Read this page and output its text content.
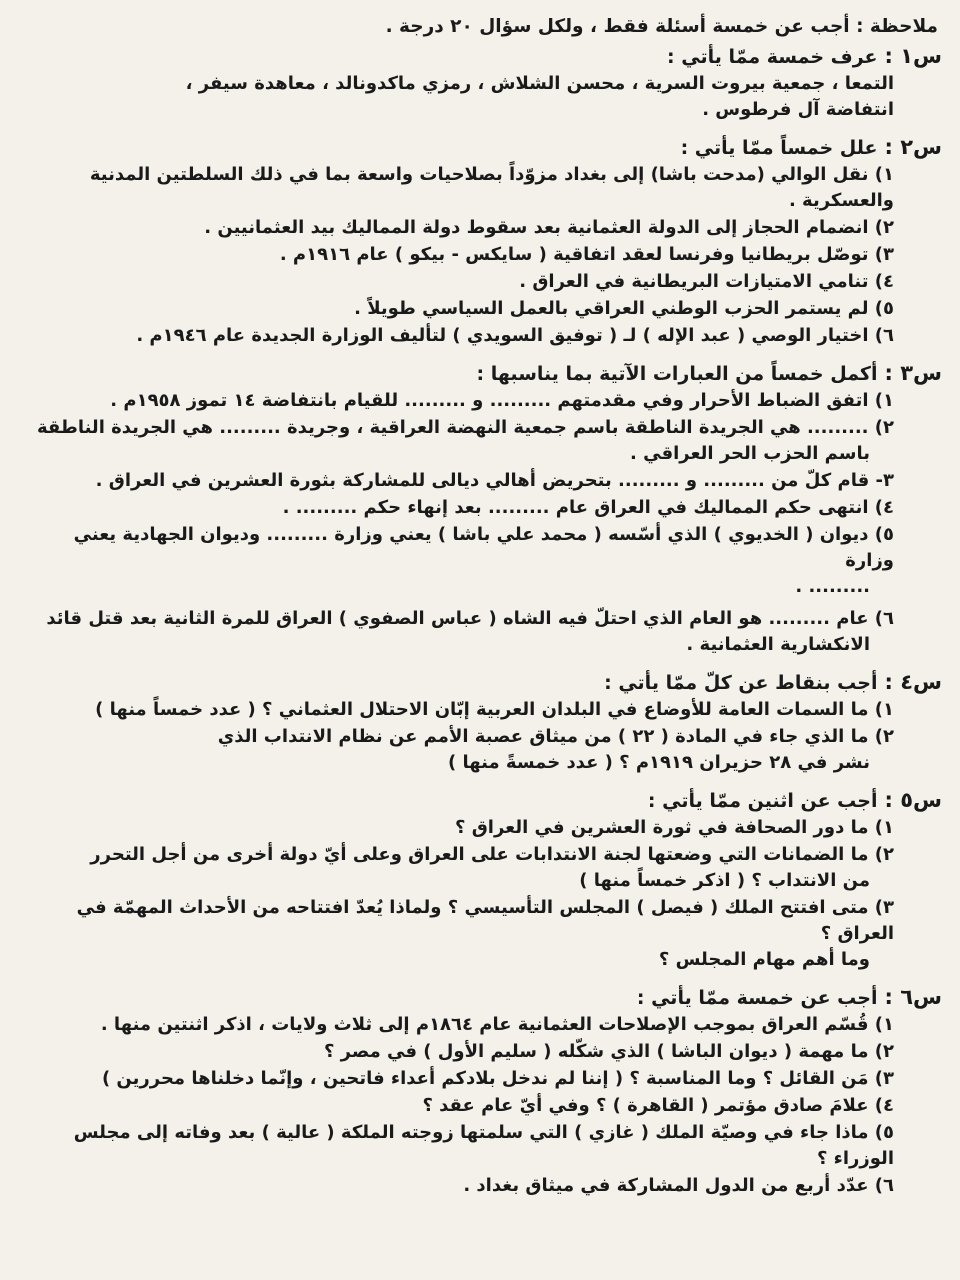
ملاحظة : أجب عن خمسة أسئلة فقط ، ولكل سؤال ٢٠ درجة .

س١ : عرف خمسة ممّا يأتي :

التمعا ، جمعية بيروت السرية ، محسن الشلاش ، رمزي ماكدونالد ، معاهدة سيفر ،
انتفاضة آل فرطوس .

س٢ : علل خمساً ممّا يأتي :

١) نقل الوالي (مدحت باشا) إلى بغداد مزوّداً بصلاحيات واسعة بما في ذلك السلطتين المدنية والعسكرية .
٢) انضمام الحجاز إلى الدولة العثمانية بعد سقوط دولة المماليك بيد العثمانيين .
٣) توصّل بريطانيا وفرنسا لعقد اتفاقية ( سايكس - بيكو ) عام ١٩١٦م .
٤) تنامي الامتيازات البريطانية في العراق .
٥) لم يستمر الحزب الوطني العراقي بالعمل السياسي طويلاً .
٦) اختيار الوصي ( عبد الإله ) لـ ( توفيق السويدي ) لتأليف الوزارة الجديدة عام ١٩٤٦م .

س٣ : أكمل خمساً من العبارات الآتية بما يناسبها :

١) اتفق الضباط الأحرار وفي مقدمتهم ......... و ......... للقيام بانتفاضة ١٤ تموز ١٩٥٨م .
٢) ......... هي الجريدة الناطقة باسم جمعية النهضة العراقية ، وجريدة ......... هي الجريدة الناطقة
باسم الحزب الحر العراقي .
٣- قام كلّ من ......... و ......... بتحريض أهالي ديالى للمشاركة بثورة العشرين في العراق .
٤) انتهى حكم المماليك في العراق عام ......... بعد إنهاء حكم ......... .
٥) ديوان ( الخديوي ) الذي أسّسه ( محمد علي باشا ) يعني وزارة ......... وديوان الجهادية يعني وزارة
......... .
٦) عام ......... هو العام الذي احتلّ فيه الشاه ( عباس الصفوي ) العراق للمرة الثانية بعد قتل قائد
الانكشارية العثمانية .

س٤ : أجب بنقاط عن كلّ ممّا يأتي :

١) ما السمات العامة للأوضاع في البلدان العربية إبّان الاحتلال العثماني ؟ ( عدد خمساً منها )
٢) ما الذي جاء في المادة ( ٢٢ ) من ميثاق عصبة الأمم عن نظام الانتداب الذي
نشر في ٢٨ حزيران ١٩١٩م ؟ ( عدد خمسةً منها )

س٥ : أجب عن اثنين ممّا يأتي :

١) ما دور الصحافة في ثورة العشرين في العراق ؟
٢) ما الضمانات التي وضعتها لجنة الانتدابات على العراق وعلى أيّ دولة أخرى من أجل التحرر
من الانتداب ؟ ( اذكر خمساً منها )
٣) متى افتتح الملك ( فيصل ) المجلس التأسيسي ؟ ولماذا يُعدّ افتتاحه من الأحداث المهمّة في العراق ؟
وما أهم مهام المجلس ؟

س٦ : أجب عن خمسة ممّا يأتي :

١) قُسّم العراق بموجب الإصلاحات العثمانية عام ١٨٦٤م إلى ثلاث ولايات ، اذكر اثنتين منها .
٢) ما مهمة ( ديوان الباشا ) الذي شكّله ( سليم الأول ) في مصر ؟
٣) مَن القائل ؟ وما المناسبة ؟ ( إننا لم ندخل بلادكم أعداء فاتحين ، وإنّما دخلناها محررين )
٤) علامَ صادق مؤتمر ( القاهرة ) ؟ وفي أيّ عام عقد ؟
٥) ماذا جاء في وصيّة الملك ( غازي ) التي سلمتها زوجته الملكة ( عالية ) بعد وفاته إلى مجلس الوزراء ؟
٦) عدّد أربع من الدول المشاركة في ميثاق بغداد .
